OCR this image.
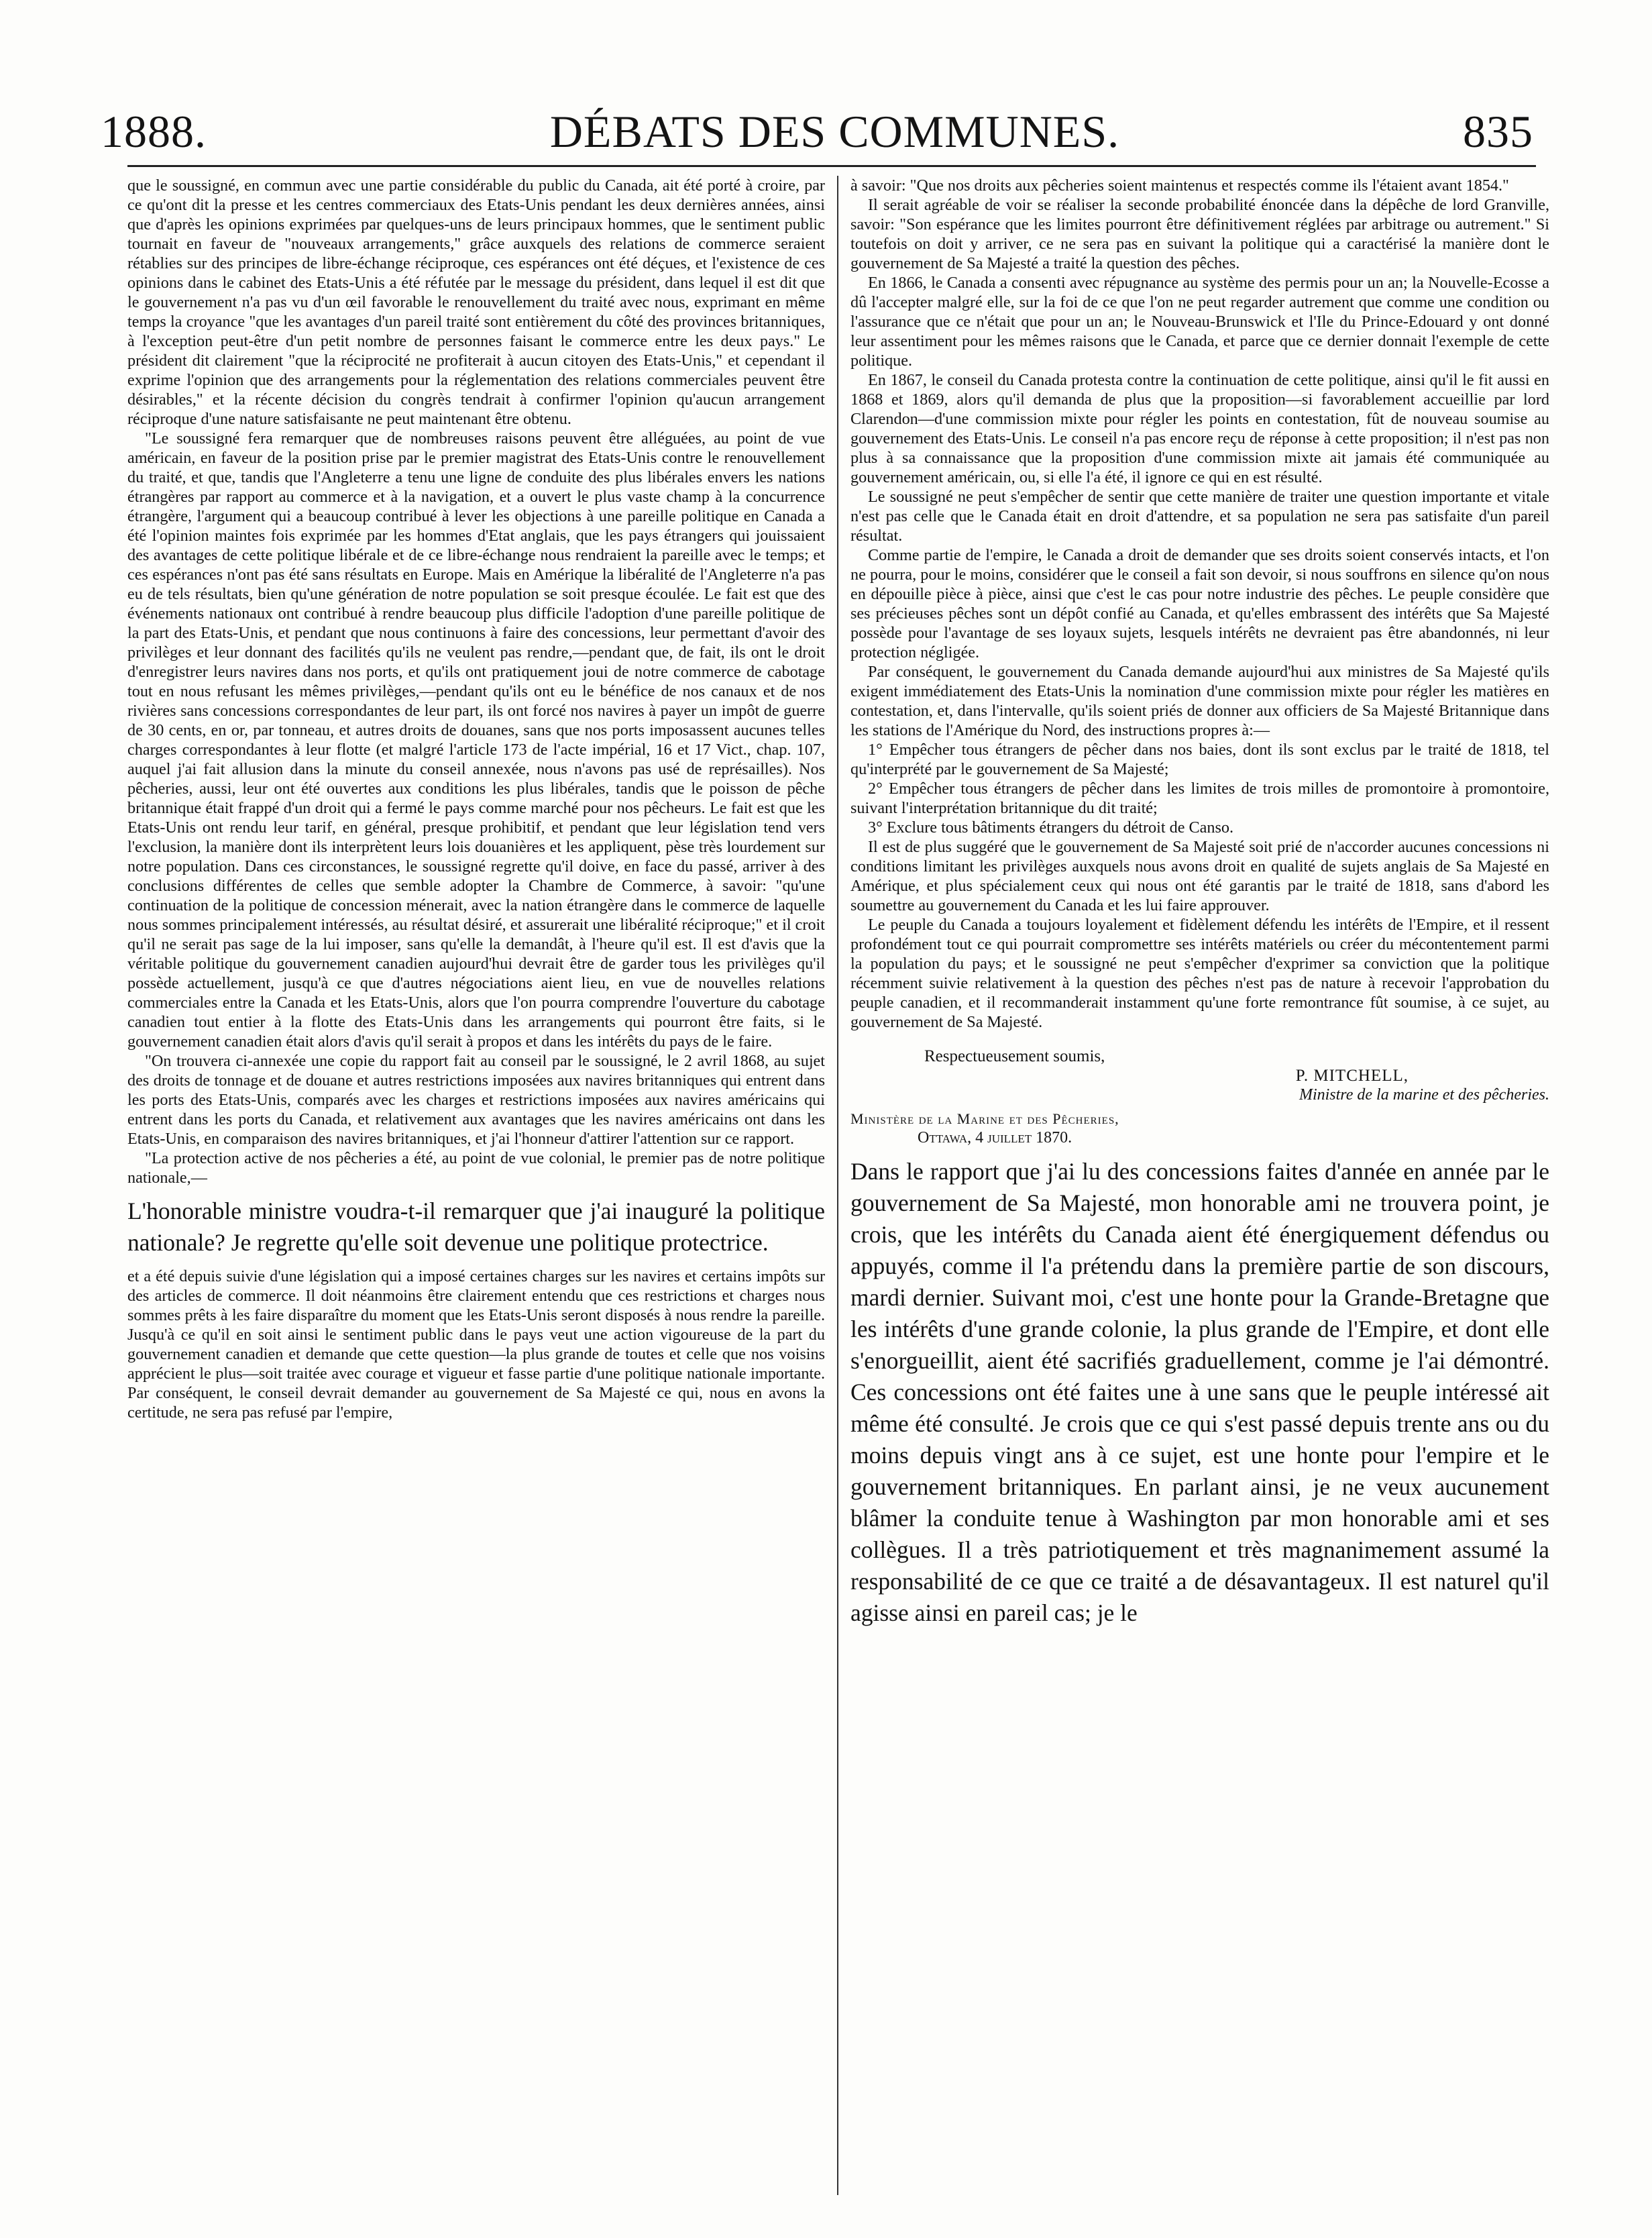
1888.	DÉBATS DES COMMUNES.	835

que le soussigné, en commun avec une partie considérable du public du Canada, ait été porté à croire, par ce qu'ont dit la presse et les centres commerciaux des Etats-Unis pendant les deux dernières années, ainsi que d'après les opinions exprimées par quelques-uns de leurs principaux hommes, que le sentiment public tournait en faveur de "nouveaux arrangements," grâce auxquels des relations de commerce seraient rétablies sur des principes de libre-échange réciproque, ces espérances ont été déçues, et l'existence de ces opinions dans le cabinet des Etats-Unis a été réfutée par le message du président, dans lequel il est dit que le gouvernement n'a pas vu d'un œil favorable le renouvellement du traité avec nous, exprimant en même temps la croyance "que les avantages d'un pareil traité sont entièrement du côté des provinces britanniques, à l'exception peut-être d'un petit nombre de personnes faisant le commerce entre les deux pays." Le président dit clairement "que la réciprocité ne profiterait à aucun citoyen des Etats-Unis," et cependant il exprime l'opinion que des arrangements pour la réglementation des relations commerciales peuvent être désirables," et la récente décision du congrès tendrait à confirmer l'opinion qu'aucun arrangement réciproque d'une nature satisfaisante ne peut maintenant être obtenu.

"Le soussigné fera remarquer que de nombreuses raisons peuvent être alléguées, au point de vue américain, en faveur de la position prise par le premier magistrat des Etats-Unis contre le renouvellement du traité, et que, tandis que l'Angleterre a tenu une ligne de conduite des plus libérales envers les nations étrangères par rapport au commerce et à la navigation, et a ouvert le plus vaste champ à la concurrence étrangère, l'argument qui a beaucoup contribué à lever les objections à une pareille politique en Canada a été l'opinion maintes fois exprimée par les hommes d'Etat anglais, que les pays étrangers qui jouissaient des avantages de cette politique libérale et de ce libre-échange nous rendraient la pareille avec le temps; et ces espérances n'ont pas été sans résultats en Europe. Mais en Amérique la libéralité de l'Angleterre n'a pas eu de tels résultats, bien qu'une génération de notre population se soit presque écoulée. Le fait est que des événements nationaux ont contribué à rendre beaucoup plus difficile l'adoption d'une pareille politique de la part des Etats-Unis, et pendant que nous continuons à faire des concessions, leur permettant d'avoir des privilèges et leur donnant des facilités qu'ils ne veulent pas rendre,—pendant que, de fait, ils ont le droit d'enregistrer leurs navires dans nos ports, et qu'ils ont pratiquement joui de notre commerce de cabotage tout en nous refusant les mêmes privilèges,—pendant qu'ils ont eu le bénéfice de nos canaux et de nos rivières sans concessions correspondantes de leur part, ils ont forcé nos navires à payer un impôt de guerre de 30 cents, en or, par tonneau, et autres droits de douanes, sans que nos ports imposassent aucunes telles charges correspondantes à leur flotte (et malgré l'article 173 de l'acte impérial, 16 et 17 Vict., chap. 107, auquel j'ai fait allusion dans la minute du conseil annexée, nous n'avons pas usé de représailles). Nos pêcheries, aussi, leur ont été ouvertes aux conditions les plus libérales, tandis que le poisson de pêche britannique était frappé d'un droit qui a fermé le pays comme marché pour nos pêcheurs. Le fait est que les Etats-Unis ont rendu leur tarif, en général, presque prohibitif, et pendant que leur législation tend vers l'exclusion, la manière dont ils interprètent leurs lois douanières et les appliquent, pèse très lourdement sur notre population. Dans ces circonstances, le soussigné regrette qu'il doive, en face du passé, arriver à des conclusions différentes de celles que semble adopter la Chambre de Commerce, à savoir: "qu'une continuation de la politique de concession ménerait, avec la nation étrangère dans le commerce de laquelle nous sommes principalement intéressés, au résultat désiré, et assurerait une libéralité réciproque;" et il croit qu'il ne serait pas sage de la lui imposer, sans qu'elle la demandât, à l'heure qu'il est. Il est d'avis que la véritable politique du gouvernement canadien aujourd'hui devrait être de garder tous les privilèges qu'il possède actuellement, jusqu'à ce que d'autres négociations aient lieu, en vue de nouvelles relations commerciales entre la Canada et les Etats-Unis, alors que l'on pourra comprendre l'ouverture du cabotage canadien tout entier à la flotte des Etats-Unis dans les arrangements qui pourront être faits, si le gouvernement canadien était alors d'avis qu'il serait à propos et dans les intérêts du pays de le faire.

"On trouvera ci-annexée une copie du rapport fait au conseil par le soussigné, le 2 avril 1868, au sujet des droits de tonnage et de douane et autres restrictions imposées aux navires britanniques qui entrent dans les ports des Etats-Unis, comparés avec les charges et restrictions imposées aux navires américains qui entrent dans les ports du Canada, et relativement aux avantages que les navires américains ont dans les Etats-Unis, en comparaison des navires britanniques, et j'ai l'honneur d'attirer l'attention sur ce rapport.

"La protection active de nos pêcheries a été, au point de vue colonial, le premier pas de notre politique nationale,—

L'honorable ministre voudra-t-il remarquer que j'ai inauguré la politique nationale? Je regrette qu'elle soit devenue une politique protectrice.

et a été depuis suivie d'une législation qui a imposé certaines charges sur les navires et certains impôts sur des articles de commerce. Il doit néanmoins être clairement entendu que ces restrictions et charges nous sommes prêts à les faire disparaître du moment que les Etats-Unis seront disposés à nous rendre la pareille. Jusqu'à ce qu'il en soit ainsi le sentiment public dans le pays veut une action vigoureuse de la part du gouvernement canadien et demande que cette question—la plus grande de toutes et celle que nos voisins apprécient le plus—soit traitée avec courage et vigueur et fasse partie d'une politique nationale importante. Par conséquent, le conseil devrait demander au gouvernement de Sa Majesté ce qui, nous en avons la certitude, ne sera pas refusé par l'empire,

à savoir: "Que nos droits aux pêcheries soient maintenus et respectés comme ils l'étaient avant 1854."

Il serait agréable de voir se réaliser la seconde probabilité énoncée dans la dépêche de lord Granville, savoir: "Son espérance que les limites pourront être définitivement réglées par arbitrage ou autrement." Si toutefois on doit y arriver, ce ne sera pas en suivant la politique qui a caractérisé la manière dont le gouvernement de Sa Majesté a traité la question des pêches.

En 1866, le Canada a consenti avec répugnance au système des permis pour un an; la Nouvelle-Ecosse a dû l'accepter malgré elle, sur la foi de ce que l'on ne peut regarder autrement que comme une condition ou l'assurance que ce n'était que pour un an; le Nouveau-Brunswick et l'Ile du Prince-Edouard y ont donné leur assentiment pour les mêmes raisons que le Canada, et parce que ce dernier donnait l'exemple de cette politique.

En 1867, le conseil du Canada protesta contre la continuation de cette politique, ainsi qu'il le fit aussi en 1868 et 1869, alors qu'il demanda de plus que la proposition—si favorablement accueillie par lord Clarendon—d'une commission mixte pour régler les points en contestation, fût de nouveau soumise au gouvernement des Etats-Unis. Le conseil n'a pas encore reçu de réponse à cette proposition; il n'est pas non plus à sa connaissance que la proposition d'une commission mixte ait jamais été communiquée au gouvernement américain, ou, si elle l'a été, il ignore ce qui en est résulté.

Le soussigné ne peut s'empêcher de sentir que cette manière de traiter une question importante et vitale n'est pas celle que le Canada était en droit d'attendre, et sa population ne sera pas satisfaite d'un pareil résultat.

Comme partie de l'empire, le Canada a droit de demander que ses droits soient conservés intacts, et l'on ne pourra, pour le moins, considérer que le conseil a fait son devoir, si nous souffrons en silence qu'on nous en dépouille pièce à pièce, ainsi que c'est le cas pour notre industrie des pêches. Le peuple considère que ses précieuses pêches sont un dépôt confié au Canada, et qu'elles embrassent des intérêts que Sa Majesté possède pour l'avantage de ses loyaux sujets, lesquels intérêts ne devraient pas être abandonnés, ni leur protection négligée.

Par conséquent, le gouvernement du Canada demande aujourd'hui aux ministres de Sa Majesté qu'ils exigent immédiatement des Etats-Unis la nomination d'une commission mixte pour régler les matières en contestation, et, dans l'intervalle, qu'ils soient priés de donner aux officiers de Sa Majesté Britannique dans les stations de l'Amérique du Nord, des instructions propres à:—

1° Empêcher tous étrangers de pêcher dans nos baies, dont ils sont exclus par le traité de 1818, tel qu'interprété par le gouvernement de Sa Majesté;

2° Empêcher tous étrangers de pêcher dans les limites de trois milles de promontoire à promontoire, suivant l'interprétation britannique du dit traité;

3° Exclure tous bâtiments étrangers du détroit de Canso.

Il est de plus suggéré que le gouvernement de Sa Majesté soit prié de n'accorder aucunes concessions ni conditions limitant les privilèges auxquels nous avons droit en qualité de sujets anglais de Sa Majesté en Amérique, et plus spécialement ceux qui nous ont été garantis par le traité de 1818, sans d'abord les soumettre au gouvernement du Canada et les lui faire approuver.

Le peuple du Canada a toujours loyalement et fidèlement défendu les intérêts de l'Empire, et il ressent profondément tout ce qui pourrait compromettre ses intérêts matériels ou créer du mécontentement parmi la population du pays; et le soussigné ne peut s'empêcher d'exprimer sa conviction que la politique récemment suivie relativement à la question des pêches n'est pas de nature à recevoir l'approbation du peuple canadien, et il recommanderait instamment qu'une forte remontrance fût soumise, à ce sujet, au gouvernement de Sa Majesté.

Respectueusement soumis,
P. MITCHELL,
Ministre de la marine et des pêcheries.
Ministère de la Marine et des Pêcheries,
Ottawa, 4 juillet 1870.

Dans le rapport que j'ai lu des concessions faites d'année en année par le gouvernement de Sa Majesté, mon honorable ami ne trouvera point, je crois, que les intérêts du Canada aient été énergiquement défendus ou appuyés, comme il l'a prétendu dans la première partie de son discours, mardi dernier. Suivant moi, c'est une honte pour la Grande-Bretagne que les intérêts d'une grande colonie, la plus grande de l'Empire, et dont elle s'enorgueillit, aient été sacrifiés graduellement, comme je l'ai démontré. Ces concessions ont été faites une à une sans que le peuple intéressé ait même été consulté. Je crois que ce qui s'est passé depuis trente ans ou du moins depuis vingt ans à ce sujet, est une honte pour l'empire et le gouvernement britanniques. En parlant ainsi, je ne veux aucunement blâmer la conduite tenue à Washington par mon honorable ami et ses collègues. Il a très patriotiquement et très magnanimement assumé la responsabilité de ce que ce traité a de désavantageux. Il est naturel qu'il agisse ainsi en pareil cas; je le
